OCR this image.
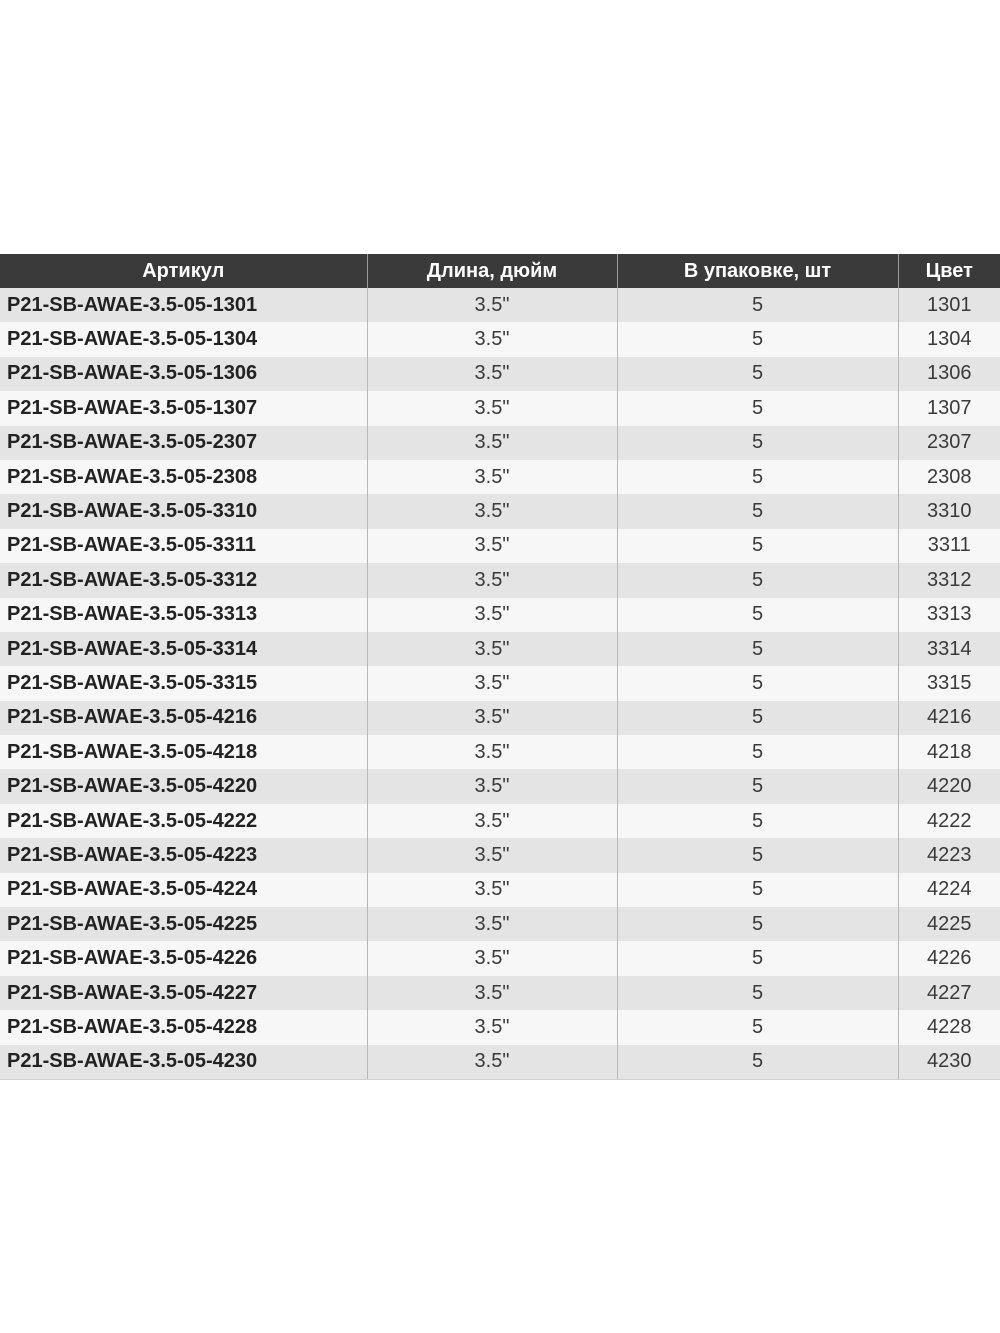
Артикул	Длина, дюйм	В упаковке, шт	Цвет
P21-SB-AWAE-3.5-05-1301	3.5"	5	1301
P21-SB-AWAE-3.5-05-1304	3.5"	5	1304
P21-SB-AWAE-3.5-05-1306	3.5"	5	1306
P21-SB-AWAE-3.5-05-1307	3.5"	5	1307
P21-SB-AWAE-3.5-05-2307	3.5"	5	2307
P21-SB-AWAE-3.5-05-2308	3.5"	5	2308
P21-SB-AWAE-3.5-05-3310	3.5"	5	3310
P21-SB-AWAE-3.5-05-3311	3.5"	5	3311
P21-SB-AWAE-3.5-05-3312	3.5"	5	3312
P21-SB-AWAE-3.5-05-3313	3.5"	5	3313
P21-SB-AWAE-3.5-05-3314	3.5"	5	3314
P21-SB-AWAE-3.5-05-3315	3.5"	5	3315
P21-SB-AWAE-3.5-05-4216	3.5"	5	4216
P21-SB-AWAE-3.5-05-4218	3.5"	5	4218
P21-SB-AWAE-3.5-05-4220	3.5"	5	4220
P21-SB-AWAE-3.5-05-4222	3.5"	5	4222
P21-SB-AWAE-3.5-05-4223	3.5"	5	4223
P21-SB-AWAE-3.5-05-4224	3.5"	5	4224
P21-SB-AWAE-3.5-05-4225	3.5"	5	4225
P21-SB-AWAE-3.5-05-4226	3.5"	5	4226
P21-SB-AWAE-3.5-05-4227	3.5"	5	4227
P21-SB-AWAE-3.5-05-4228	3.5"	5	4228
P21-SB-AWAE-3.5-05-4230	3.5"	5	4230
